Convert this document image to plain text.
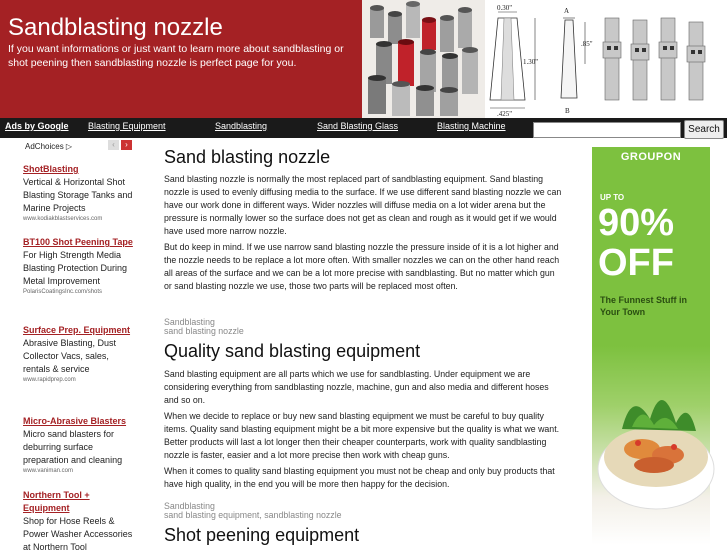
Sandblasting nozzle
If you want informations or just want to learn more about sandblasting or shot peening then sandblasting nozzle is perfect page for you.
0.30"
1.30"
.425"
A
B
.85"
Ads by Google Blasting Equipment	Sandblasting	Sand Blasting Glass	Blasting Machine	Search
AdChoices ▷	‹	›
ShotBlasting
Vertical & Horizontal Shot Blasting Storage Tanks and Marine Projects
www.kodiakblastservices.com
BT100 Shot Peening Tape
For High Strength Media Blasting Protection During Metal Improvement
PolarisCoatingsInc.com/shots
Surface Prep. Equipment
Abrasive Blasting, Dust Collector Vacs, sales, rentals & service
www.rapidprep.com
Micro-Abrasive Blasters
Micro sand blasters for deburring surface preparation and cleaning
www.vaniman.com
Northern Tool + Equipment
Shop for Hose Reels & Power Washer Accessories at Northern Tool
Sand blasting nozzle

Sand blasting nozzle is normally the most replaced part of sandblasting equipment. Sand blasting nozzle is used to evenly diffusing media to the surface. If we use different sand blasting nozzle we can have our work done in different ways. Wider nozzles will diffuse media on a lot wider arena but the pressure is normally lower so the surface does not get as clean and rough as it would get if we would have used more narrow nozzle.

But do keep in mind. If we use narrow sand blasting nozzle the pressure inside of it is a lot higher and the nozzle needs to be replace a lot more often. With smaller nozzles we can on the other hand reach all areas of the surface and we can be a lot more precise with sandblasting. But no matter which gun or sand blasting nozzle we use, those two parts will be replaced most often.

Sandblasting
sand blasting nozzle
Quality sand blasting equipment

Sand blasting equipment are all parts which we use for sandblasting. Under equipment we are considering everything from sandblasting nozzle, machine, gun and also media and different hoses and so on.

When we decide to replace or buy new sand blasting equipment we must be careful to buy quality items. Quality sand blasting equipment might be a bit more expensive but the quality is what we want. Better products will last a lot longer then their cheaper counterparts, work with quality sandblasting nozzle is faster, easier and a lot more precise then work with cheap guns.

When it comes to quality sand blasting equipment you must not be cheap and only buy products that have high quality, in the end you will be more then happy for the decision.

Sandblasting
sand blasting equipment, sandblasting nozzle
Shot peening equipment
GROUPON
UP TO
90%
OFF
The Funnest Stuff in Your Town
